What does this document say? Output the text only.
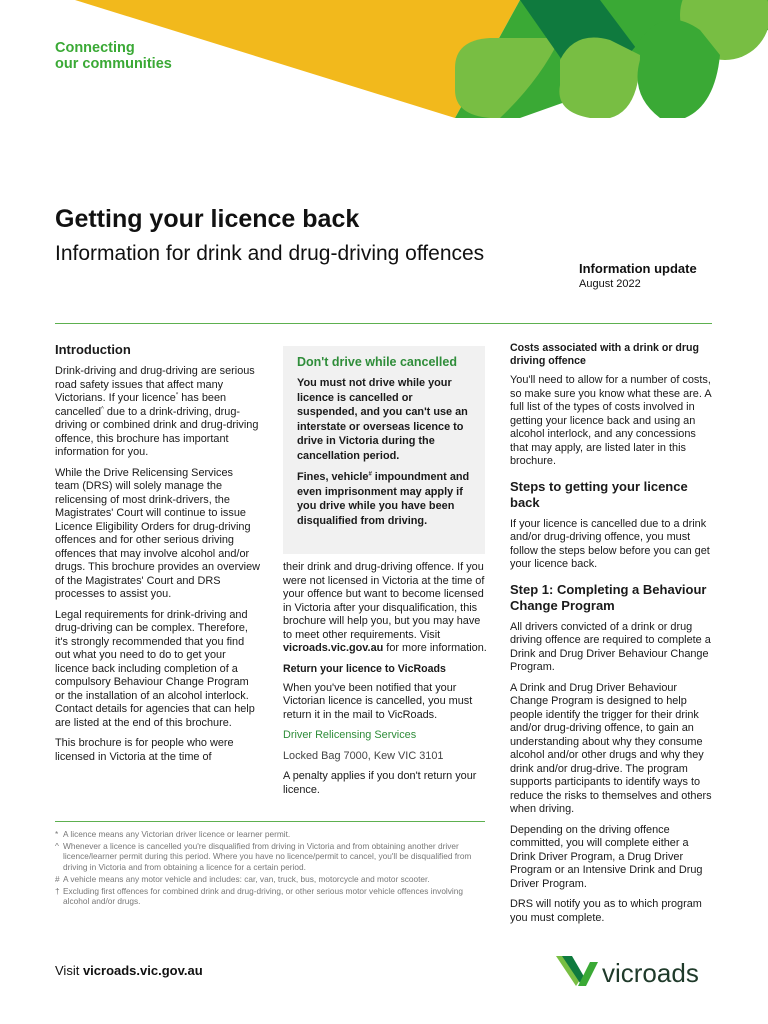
Connecting
our communities
Getting your licence back
Information for drink and drug-driving offences
Information update
August 2022
Introduction

Drink-driving and drug-driving are serious road safety issues that affect many Victorians. If your licence* has been cancelled^ due to a drink-driving, drug-driving or combined drink and drug-driving offence, this brochure has important information for you.

While the Drive Relicensing Services team (DRS) will solely manage the relicensing of most drink-drivers, the Magistrates' Court will continue to issue Licence Eligibility Orders for drug-driving offences and for other serious driving offences that may involve alcohol and/or drugs. This brochure provides an overview of the Magistrates' Court and DRS processes to assist you.

Legal requirements for drink-driving and drug-driving can be complex. Therefore, it's strongly recommended that you find out what you need to do to get your licence back including completion of a compulsory Behaviour Change Program or the installation of an alcohol interlock. Contact details for agencies that can help are listed at the end of this brochure.

This brochure is for people who were licensed in Victoria at the time of

Don't drive while cancelled

You must not drive while your licence is cancelled or suspended, and you can't use an interstate or overseas licence to drive in Victoria during the cancellation period.

Fines, vehicle# impoundment and even imprisonment may apply if you drive while you have been disqualified from driving.

their drink and drug-driving offence. If you were not licensed in Victoria at the time of your offence but want to become licensed in Victoria after your disqualification, this brochure will help you, but you may have to meet other requirements. Visit vicroads.vic.gov.au for more information.

Return your licence to VicRoads

When you've been notified that your Victorian licence is cancelled, you must return it in the mail to VicRoads.

Driver Relicensing Services

Locked Bag 7000, Kew VIC 3101

A penalty applies if you don't return your licence.

Costs associated with a drink or drug driving offence

You'll need to allow for a number of costs, so make sure you know what these are. A full list of the types of costs involved in getting your licence back and using an alcohol interlock, and any concessions that may apply, are listed later in this brochure.

Steps to getting your licence back

If your licence is cancelled due to a drink and/or drug-driving offence, you must follow the steps below before you can get your licence back.

Step 1: Completing a Behaviour Change Program

All drivers convicted of a drink or drug driving offence are required to complete a Drink and Drug Driver Behaviour Change Program.

A Drink and Drug Driver Behaviour Change Program is designed to help people identify the trigger for their drink and/or drug-driving offence, to gain an understanding about why they consume alcohol and/or other drugs and why they drink and/or drug-drive. The program supports participants to identify ways to reduce the risks to themselves and others when driving.

Depending on the driving offence committed, you will complete either a Drink Driver Program, a Drug Driver Program or an Intensive Drink and Drug Driver Program.

DRS will notify you as to which program you must complete.

* A licence means any Victorian driver licence or learner permit.
^ Whenever a licence is cancelled you're disqualified from driving in Victoria and from obtaining another driver licence/learner permit during this period. Where you have no licence/permit to cancel, you'll be disqualified from driving in Victoria and from obtaining a licence for a certain period.
# A vehicle means any motor vehicle and includes: car, van, truck, bus, motorcycle and motor scooter.
† Excluding first offences for combined drink and drug-driving, or other serious motor vehicle offences involving alcohol and/or drugs.
Visit vicroads.vic.gov.au	vicroads
